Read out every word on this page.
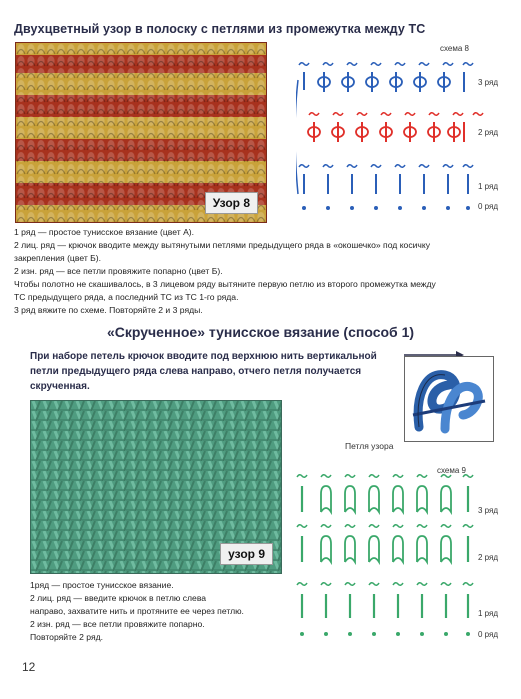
Двухцветный узор в полоску с петлями из промежутка между ТС
Узор 8
схема 8
3 ряд
2 ряд
1 ряд
0 ряд

1 ряд — простое тунисское вязание (цвет А).

2 лиц. ряд — крючок вводите между вытянутыми петлями предыдущего ряда в «окошечко» под косичку

закрепления (цвет Б).

2 изн. ряд — все петли провяжите попарно (цвет Б).

Чтобы полотно не скашивалось, в 3 лицевом ряду вытяните первую петлю из второго промежутка между

ТС предыдущего ряда, а последний ТС из ТС 1-го ряда.

3 ряд вяжите по схеме. Повторяйте 2 и 3 ряды.

«Скрученное» тунисское вязание (способ 1)
При наборе петель крючок вводите под верхнюю нить вертикальной петли предыдущего ряда слева направо, отчего петля получается скрученная.
Петля узора
узор 9
схема 9
3 ряд
2 ряд
1 ряд
0 ряд

1ряд — простое тунисское вязание.

2 лиц. ряд — введите крючок в петлю слева

направо, захватите нить и протяните ее через петлю.

2 изн. ряд — все петли провяжите попарно.

Повторяйте 2 ряд.

12
